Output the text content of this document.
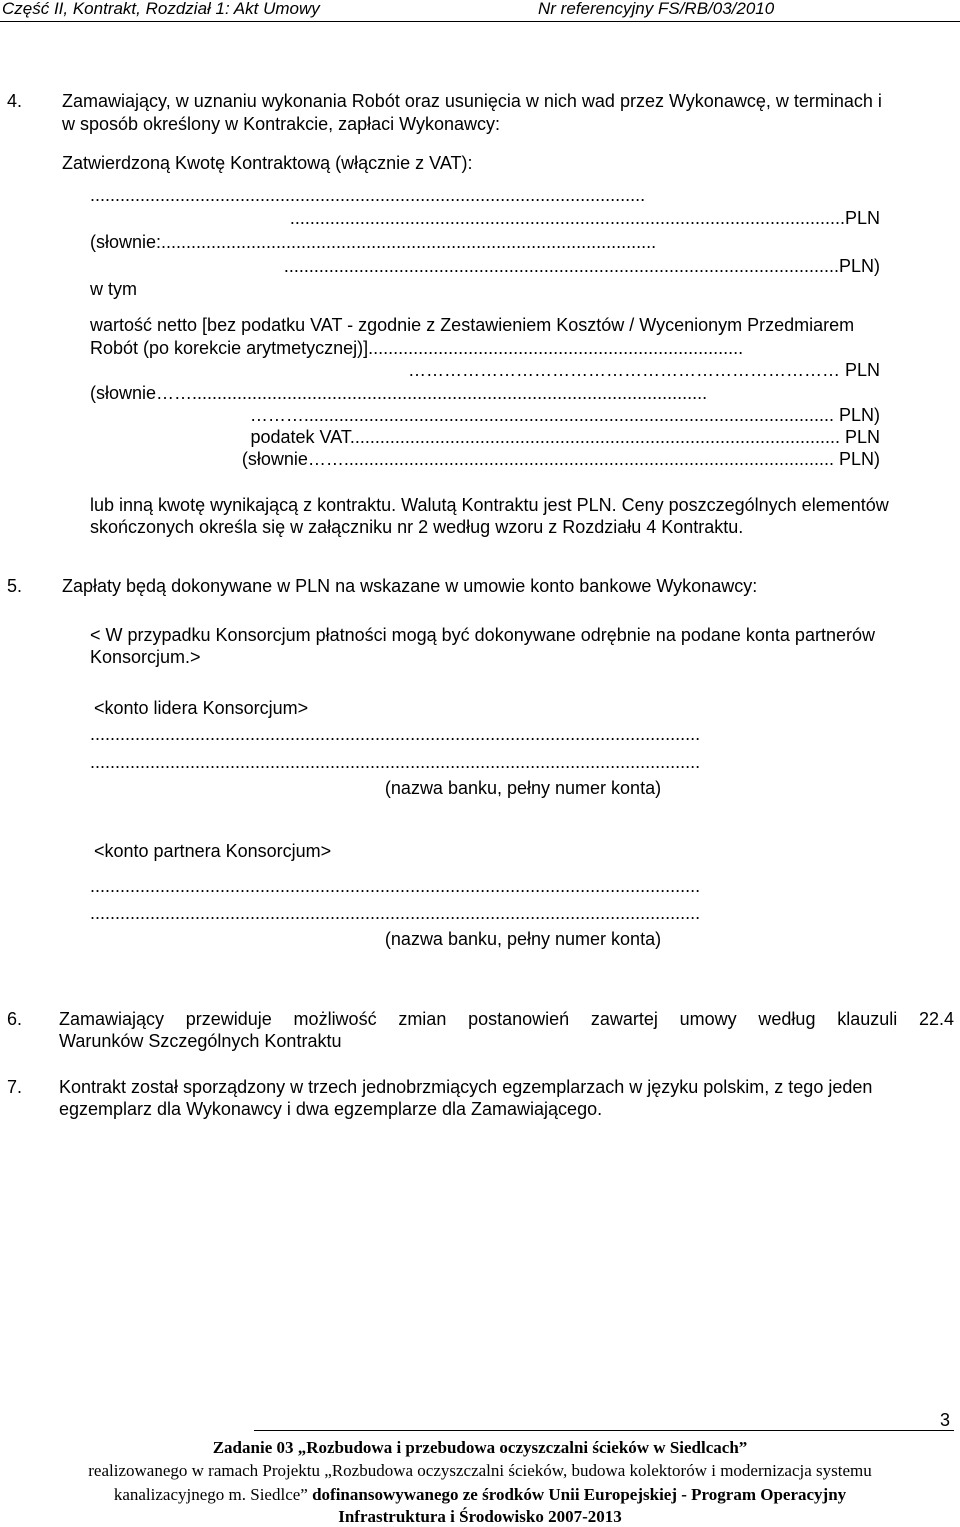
Część II, Kontrakt, Rozdział 1: Akt Umowy	Nr referencyjny FS/RB/03/2010
4. Zamawiający, w uznaniu wykonania Robót oraz usunięcia w nich wad przez Wykonawcę, w terminach i
w sposób określony w Kontrakcie, zapłaci Wykonawcy:
Zatwierdzoną Kwotę Kontraktową (włącznie z VAT):
...............................................................................................................
...............................................................................................................PLN
(słownie:...................................................................................................
...............................................................................................................PLN)
w tym
wartość netto [bez podatku VAT - zgodnie z Zestawieniem Kosztów / Wycenionym Przedmiarem
Robót (po korekcie arytmetycznej)]...........................................................................
……………………………………………………………… PLN
(słownie…….......................................................................................................
……….......................................................................................................... PLN)
podatek VAT.................................................................................................. PLN
(słownie…….................................................................................................. PLN)
lub inną kwotę wynikającą z kontraktu. Walutą Kontraktu jest PLN. Ceny poszczególnych elementów
skończonych określa się w załączniku nr 2 według wzoru z Rozdziału 4 Kontraktu.
5. Zapłaty będą dokonywane w PLN na wskazane w umowie konto bankowe Wykonawcy:
< W przypadku Konsorcjum płatności mogą być dokonywane odrębnie na podane konta partnerów
Konsorcjum.>
<konto lidera Konsorcjum>
..........................................................................................................................
..........................................................................................................................
(nazwa banku, pełny numer konta)
<konto partnera Konsorcjum>
..........................................................................................................................
..........................................................................................................................
(nazwa banku, pełny numer konta)
6. Zamawiający przewiduje możliwość zmian postanowień zawartej umowy według klauzuli 22.4
Warunków Szczególnych Kontraktu
7. Kontrakt został sporządzony w trzech jednobrzmiących egzemplarzach w języku polskim, z tego jeden
egzemplarz dla Wykonawcy i dwa egzemplarze dla Zamawiającego.
3
Zadanie 03 „Rozbudowa i przebudowa oczyszczalni ścieków w Siedlcach”
realizowanego w ramach Projektu „Rozbudowa oczyszczalni ścieków, budowa kolektorów i modernizacja systemu
kanalizacyjnego m. Siedlce” dofinansowywanego ze środków Unii Europejskiej - Program Operacyjny
Infrastruktura i Środowisko 2007-2013
